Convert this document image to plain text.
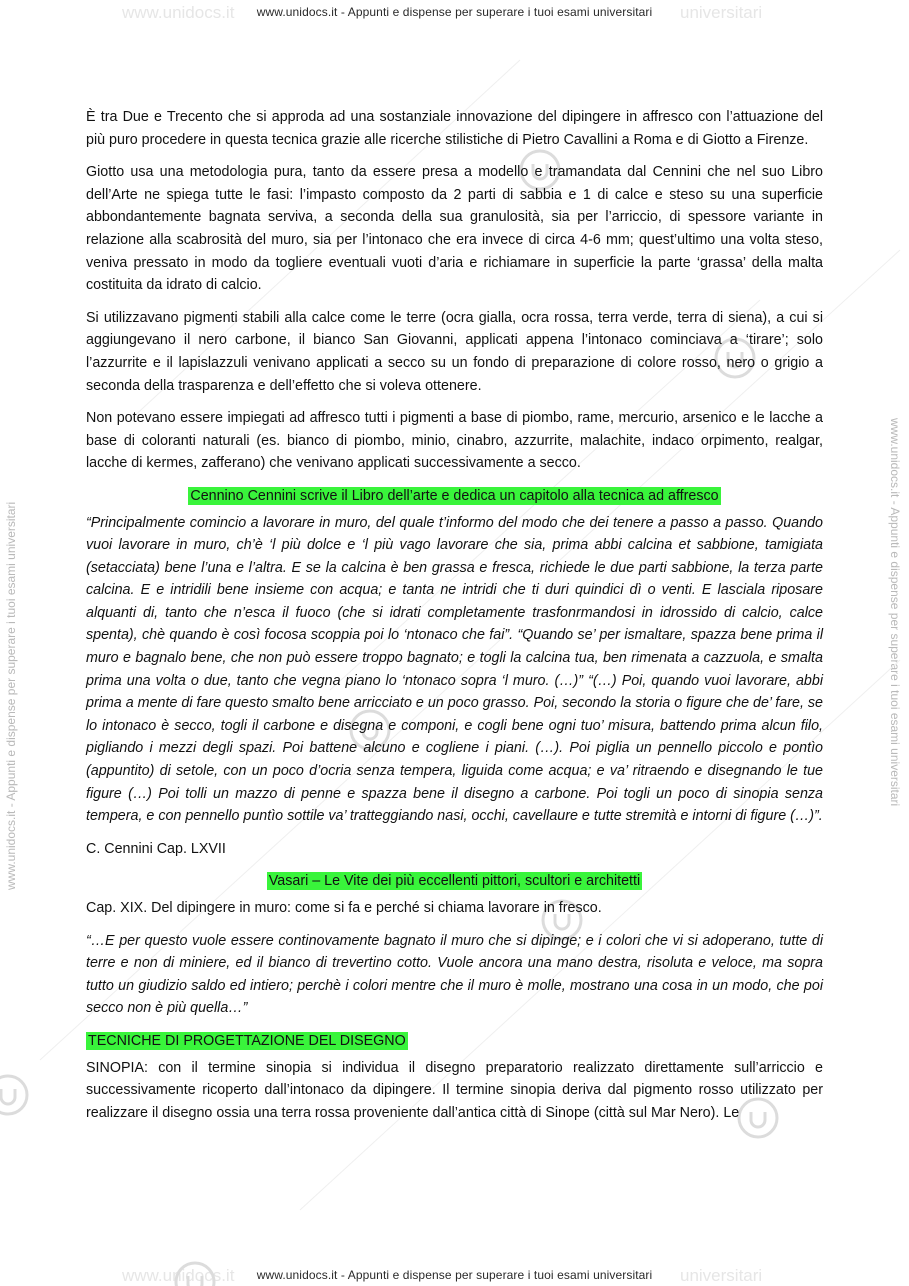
www.unidocs.it	universitari
www.unidocs.it	universitari
www.unidocs.it - Appunti e dispense per superare i tuoi esami universitari
www.unidocs.it - Appunti e dispense per superare i tuoi esami universitari
www.unidocs.it - Appunti e dispense per superare i tuoi esami universitari	www.unidocs.it - Appunti e dispense per superare i tuoi esami universitari

È tra Due e Trecento che si approda ad una sostanziale innovazione del dipingere in affresco con l’attuazione del più puro procedere in questa tecnica grazie alle ricerche stilistiche di Pietro Cavallini a Roma e di Giotto a Firenze.

Giotto usa una metodologia pura, tanto da essere presa a modello e tramandata dal Cennini che nel suo Libro dell’Arte ne spiega tutte le fasi: l’impasto composto da 2 parti di sabbia e 1 di calce e steso su una superficie abbondantemente bagnata serviva, a seconda della sua granulosità, sia per l’arriccio, di spessore variante in relazione alla scabrosità del muro, sia per l’intonaco che era invece di circa 4-6 mm; quest’ultimo una volta steso, veniva pressato in modo da togliere eventuali vuoti d’aria e richiamare in superficie la parte ‘grassa’ della malta costituita da idrato di calcio.

Si utilizzavano pigmenti stabili alla calce come le terre (ocra gialla, ocra rossa, terra verde, terra di siena), a cui si aggiungevano il nero carbone, il bianco San Giovanni, applicati appena l’intonaco cominciava a ‘tirare’; solo l’azzurrite e il lapislazzuli venivano applicati a secco su un fondo di preparazione di colore rosso, nero o grigio a seconda della trasparenza e dell’effetto che si voleva ottenere.

Non potevano essere impiegati ad affresco tutti i pigmenti a base di piombo, rame, mercurio, arsenico e le lacche a base di coloranti naturali (es. bianco di piombo, minio, cinabro, azzurrite, malachite, indaco orpimento, realgar, lacche di kermes, zafferano) che venivano applicati successivamente a secco.

Cennino Cennini scrive il Libro dell’arte e dedica un capitolo alla tecnica ad affresco

“Principalmente comincio a lavorare in muro, del quale t’informo del modo che dei tenere a passo a passo. Quando vuoi lavorare in muro, ch’è ‘l più dolce e ‘l più vago lavorare che sia, prima abbi calcina et sabbione, tamigiata (setacciata) bene l’una e l’altra. E se la calcina è ben grassa e fresca, richiede le due parti sabbione, la terza parte calcina. E e intridili bene insieme con acqua; e tanta ne intridi che ti duri quindici dì o venti. E lasciala riposare alquanti di, tanto che n’esca il fuoco (che si idrati completamente trasfonrmandosi in idrossido di calcio, calce spenta), chè quando è così focosa scoppia poi lo ‘ntonaco che fai”. “Quando se’ per ismaltare, spazza bene prima il muro e bagnalo bene, che non può essere troppo bagnato; e togli la calcina tua, ben rimenata a cazzuola, e smalta prima una volta o due, tanto che vegna piano lo ‘ntonaco sopra ‘l muro. (…)” “(…) Poi, quando vuoi lavorare, abbi prima a mente di fare questo smalto bene arricciato e un poco grasso. Poi, secondo la storia o figure che de’ fare, se lo intonaco è secco, togli il carbone e disegna e componi, e cogli bene ogni tuo’ misura, battendo prima alcun filo, pigliando i mezzi degli spazi. Poi battene alcuno e cogliene i piani. (…). Poi piglia un pennello piccolo e pontìo (appuntito) di setole, con un poco d’ocria senza tempera, liguida come acqua; e va’ ritraendo e disegnando le tue figure (…) Poi tolli un mazzo di penne e spazza bene il disegno a carbone. Poi togli un poco di sinopia senza tempera, e con pennello puntìo sottile va’ tratteggiando nasi, occhi, cavellaure e tutte stremità e intorni di figure (…)”.

C. Cennini Cap. LXVII

Vasari – Le Vite dei più eccellenti pittori, scultori e architetti

Cap. XIX. Del dipingere in muro: come si fa e perché si chiama lavorare in fresco.

“…E per questo vuole essere continovamente bagnato il muro che si dipinge; e i colori che vi si adoperano, tutte di terre e non di miniere, ed il bianco di trevertino cotto. Vuole ancora una mano destra, risoluta e veloce, ma sopra tutto un giudizio saldo ed intiero; perchè i colori mentre che il muro è molle, mostrano una cosa in un modo, che poi secco non è più quella…”

TECNICHE DI PROGETTAZIONE DEL DISEGNO

SINOPIA: con il termine sinopia si individua il disegno preparatorio realizzato direttamente sull’arriccio e successivamente ricoperto dall’intonaco da dipingere. Il termine sinopia deriva dal pigmento rosso utilizzato per realizzare il disegno ossia una terra rossa proveniente dall’antica città di Sinope (città sul Mar Nero). Le
